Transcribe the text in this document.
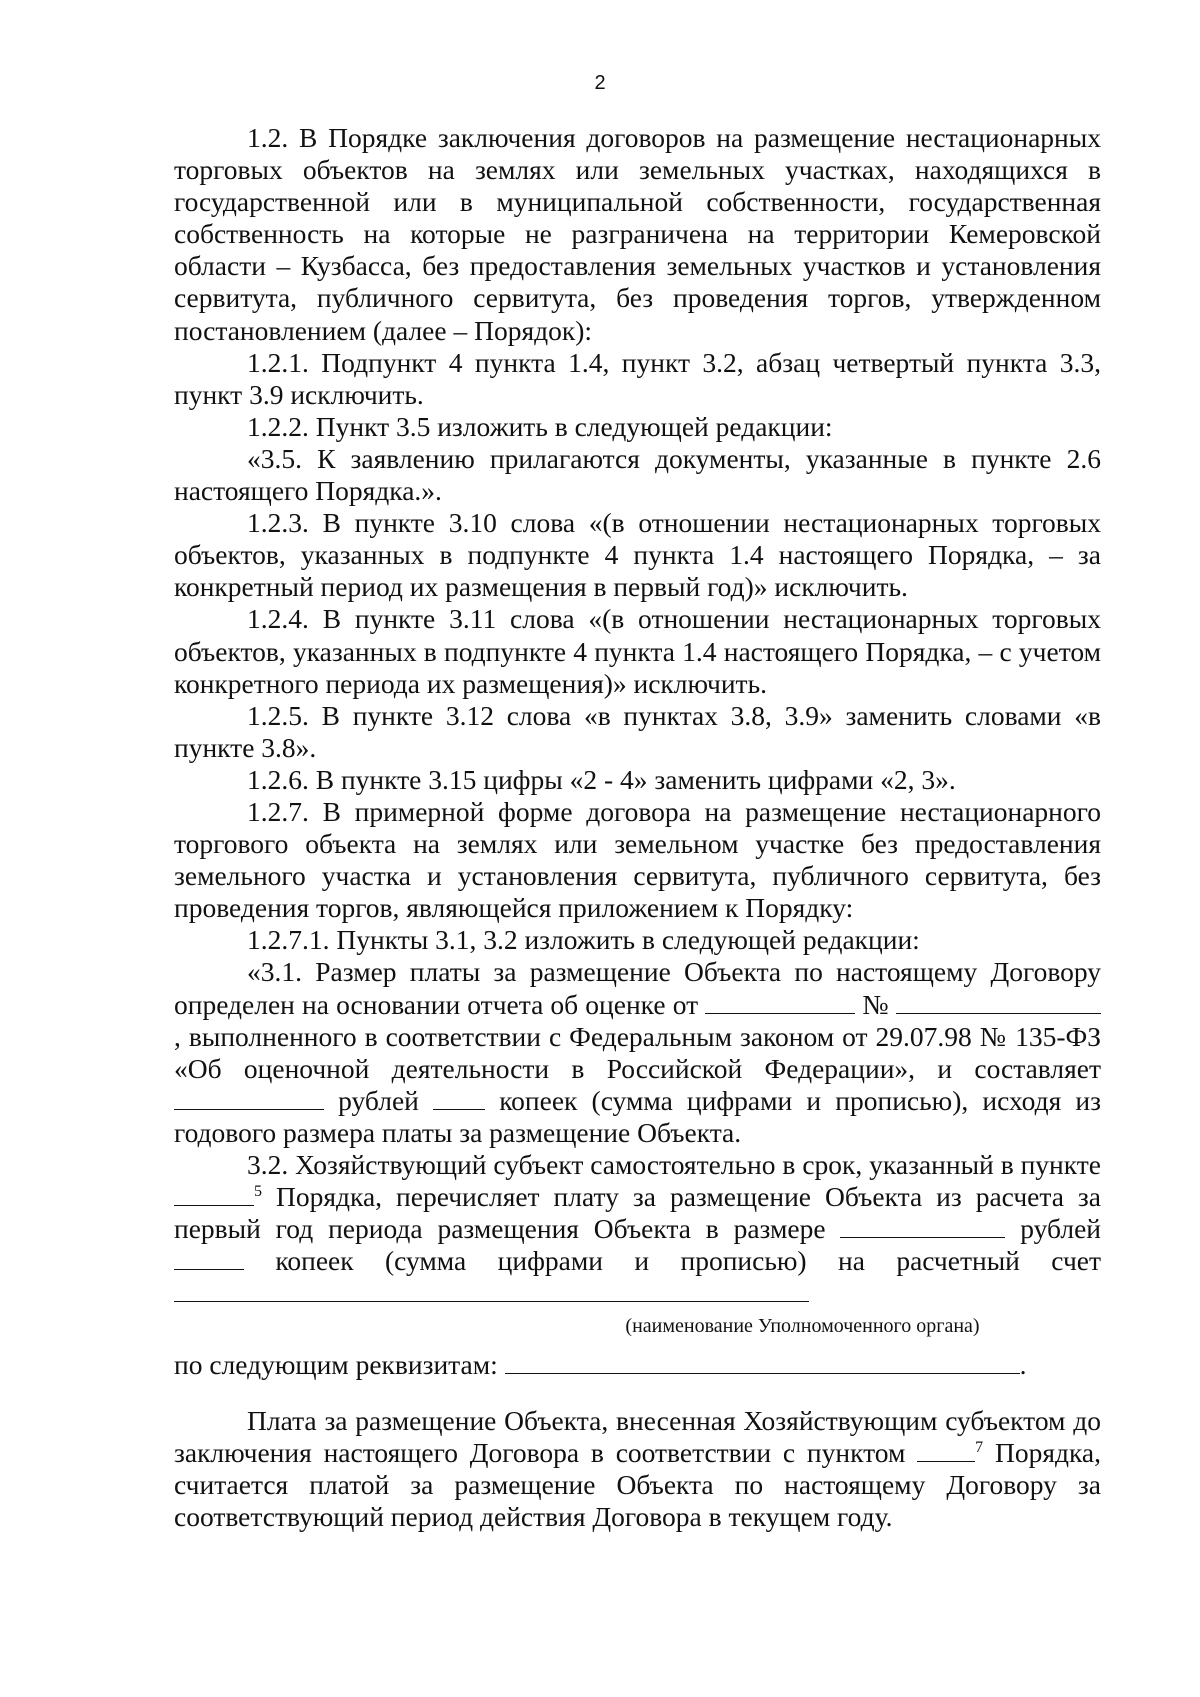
2

1.2. В Порядке заключения договоров на размещение нестационарных торговых объектов на землях или земельных участках, находящихся в государственной или в муниципальной собственности, государственная собственность на которые не разграничена на территории Кемеровской области – Кузбасса, без предоставления земельных участков и установления сервитута, публичного сервитута, без проведения торгов, утвержденном постановлением (далее – Порядок):

1.2.1. Подпункт 4 пункта 1.4, пункт 3.2, абзац четвертый пункта 3.3, пункт 3.9 исключить.

1.2.2. Пункт 3.5 изложить в следующей редакции:

«3.5. К заявлению прилагаются документы, указанные в пункте 2.6 настоящего Порядка.».

1.2.3. В пункте 3.10 слова «(в отношении нестационарных торговых объектов, указанных в подпункте 4 пункта 1.4 настоящего Порядка, – за конкретный период их размещения в первый год)» исключить.

1.2.4. В пункте 3.11 слова «(в отношении нестационарных торговых объектов, указанных в подпункте 4 пункта 1.4 настоящего Порядка, – с учетом конкретного периода их размещения)» исключить.

1.2.5. В пункте 3.12 слова «в пунктах 3.8, 3.9» заменить словами «в пункте 3.8».

1.2.6. В пункте 3.15 цифры «2 - 4» заменить цифрами «2, 3».

1.2.7. В примерной форме договора на размещение нестационарного торгового объекта на землях или земельном участке без предоставления земельного участка и установления сервитута, публичного сервитута, без проведения торгов, являющейся приложением к Порядку:

1.2.7.1. Пункты 3.1, 3.2 изложить в следующей редакции:

«3.1. Размер платы за размещение Объекта по настоящему Договору определен на основании отчета об оценке от	№ , выполненного в соответствии с Федеральным законом от 29.07.98 № 135-ФЗ «Об оценочной деятельности в Российской Федерации», и составляет  рублей	копеек (сумма цифрами и прописью), исходя из годового размера платы за размещение Объекта.

3.2. Хозяйствующий субъект самостоятельно в срок, указанный в пункте $^5$ Порядка, перечисляет плату за размещение Объекта из расчета за первый год периода размещения Объекта в размере	рублей  копеек (сумма цифрами и прописью) на расчетный счет

(наименование Уполномоченного органа)

по следующим реквизитам:	.

Плата за размещение Объекта, внесенная Хозяйствующим субъектом до заключения настоящего Договора в соответствии с пунктом	$^7$ Порядка, считается платой за размещение Объекта по настоящему Договору за соответствующий период действия Договора в текущем году.
